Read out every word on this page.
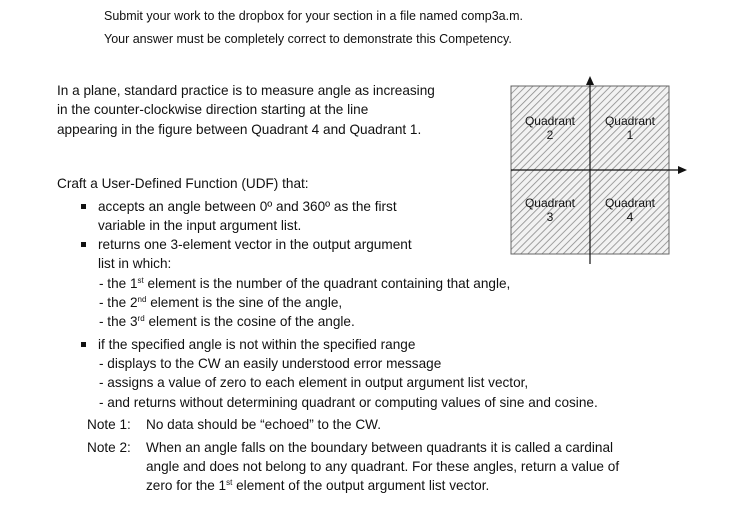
Submit your work to the dropbox for your section in a file named comp3a.m.
Your answer must be completely correct to demonstrate this Competency.
In a plane, standard practice is to measure angle as increasing
in the counter-clockwise direction starting at the line
appearing in the figure between Quadrant 4 and Quadrant 1.
Quadrant
2
Quadrant
1
Quadrant
3
Quadrant
4
Craft a User-Defined Function (UDF) that:
accepts an angle between 0º and 360º as the first
variable in the input argument list.
returns one 3-element vector in the output argument
list in which:
- the 1st element is the number of the quadrant containing that angle,
- the 2nd element is the sine of the angle,
- the 3rd element is the cosine of the angle.
if the specified angle is not within the specified range
- displays to the CW an easily understood error message
- assigns a value of zero to each element in output argument list vector,
- and returns without determining quadrant or computing values of sine and cosine.
Note 1: No data should be “echoed” to the CW.
Note 2: When an angle falls on the boundary between quadrants it is called a cardinal
angle and does not belong to any quadrant. For these angles, return a value of
zero for the 1st element of the output argument list vector.
